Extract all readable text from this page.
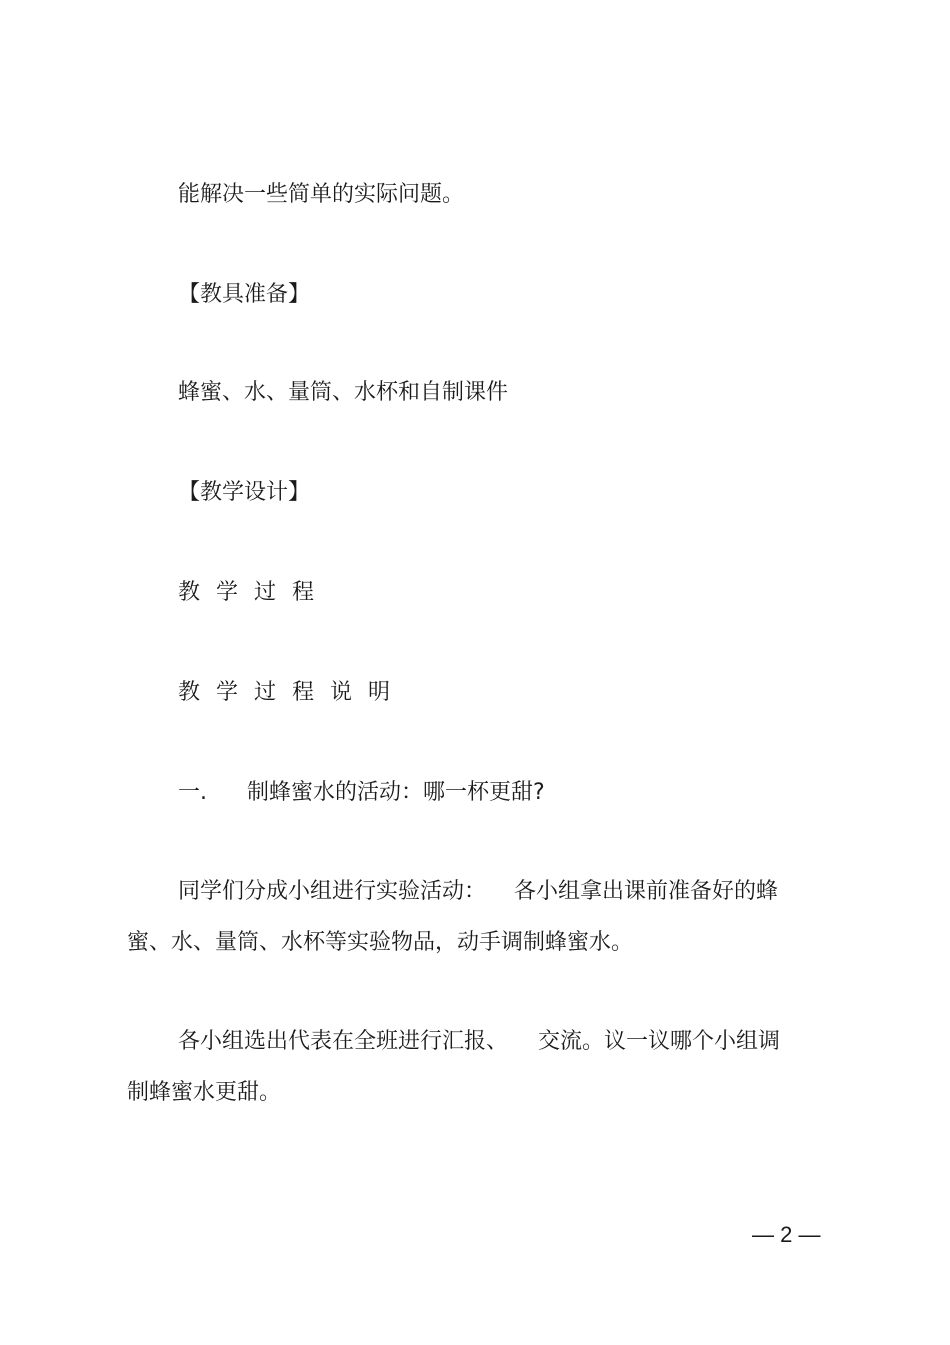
能解决一些简单的实际问题。
【教具准备】
蜂蜜、水、量筒、水杯和自制课件
【教学设计】
教学过程
教学过程说明
一. 制蜂蜜水的活动：哪一杯更甜?
同学们分成小组进行实验活动： 各小组拿出课前准备好的蜂
蜜、水、量筒、水杯等实验物品，动手调制蜂蜜水。
各小组选出代表在全班进行汇报、 交流。议一议哪个小组调
制蜂蜜水更甜。
— 2 —
